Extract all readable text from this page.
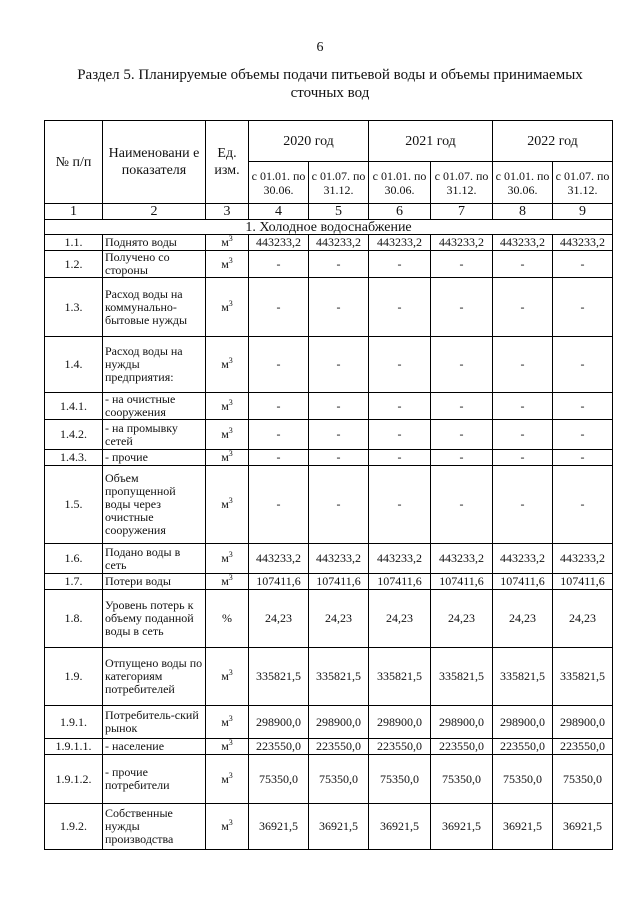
6
Раздел 5. Планируемые объемы подачи питьевой воды и объемы принимаемых
сточных вод
№ п/п	Наименовани е показателя	Ед. изм.	2020 год		2021 год		2022 год	
			с 01.01. по 30.06.	с 01.07. по 31.12.	с 01.01. по 30.06.	с 01.07. по 31.12.	с 01.01. по 30.06.	с 01.07. по 31.12.
1	2	3	4	5	6	7	8	9
1. Холодное водоснабжение								
1.1.	Поднято воды	$м^3$	443233,2	443233,2	443233,2	443233,2	443233,2	443233,2
1.2.	Получено со стороны	$м^3$	-	-	-	-	-	-
1.3.	Расход воды на коммунально-бытовые нужды	$м^3$	-	-	-	-	-	-
1.4.	Расход воды на нужды предприятия:	$м^3$	-	-	-	-	-	-
1.4.1.	- на очистные сооружения	$м^3$	-	-	-	-	-	-
1.4.2.	- на промывку сетей	$м^3$	-	-	-	-	-	-
1.4.3.	- прочие	$м^3$	-	-	-	-	-	-
1.5.	Объем пропущенной воды через очистные сооружения	$м^3$	-	-	-	-	-	-
1.6.	Подано воды в сеть	$м^3$	443233,2	443233,2	443233,2	443233,2	443233,2	443233,2
1.7.	Потери воды	$м^3$	107411,6	107411,6	107411,6	107411,6	107411,6	107411,6
1.8.	Уровень потерь к объему поданной воды в сеть	%	24,23	24,23	24,23	24,23	24,23	24,23
1.9.	Отпущено воды по категориям потребителей	$м^3$	335821,5	335821,5	335821,5	335821,5	335821,5	335821,5
1.9.1.	Потребитель-ский рынок	$м^3$	298900,0	298900,0	298900,0	298900,0	298900,0	298900,0
1.9.1.1.	- население	$м^3$	223550,0	223550,0	223550,0	223550,0	223550,0	223550,0
1.9.1.2.	- прочие потребители	$м^3$	75350,0	75350,0	75350,0	75350,0	75350,0	75350,0
1.9.2.	Собственные нужды производства	$м^3$	36921,5	36921,5	36921,5	36921,5	36921,5	36921,5
